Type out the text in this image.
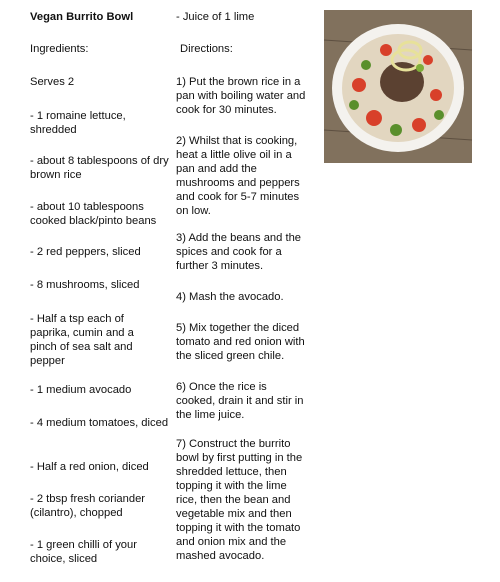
Vegan Burrito Bowl
Ingredients:
Serves 2
- 1 romaine lettuce, shredded
- about 8 tablespoons of dry brown rice
- about 10 tablespoons cooked black/pinto beans
- 2 red peppers, sliced
- 8 mushrooms, sliced
- Half a tsp each of paprika, cumin and a pinch of sea salt and pepper
- 1 medium avocado
- 4 medium tomatoes, diced
- Half a red onion, diced
- 2 tbsp fresh coriander (cilantro), chopped
- 1 green chilli of your choice, sliced
- Juice of 1 lime
Directions:
1) Put the brown rice in a pan with boiling water and cook for 30 minutes.
2) Whilst that is cooking, heat a little olive oil in a pan and add the mushrooms and peppers and cook for 5-7 minutes on low.
3) Add the beans and the spices and cook for a further 3 minutes.
4) Mash the avocado.
5) Mix together the diced tomato and red onion with the sliced green chile.
6) Once the rice is cooked, drain it and stir in the lime juice.
7) Construct the burrito bowl by first putting in the shredded lettuce, then topping it with the lime rice, then the bean and vegetable mix and then topping it with the tomato and onion mix and the mashed avocado.
